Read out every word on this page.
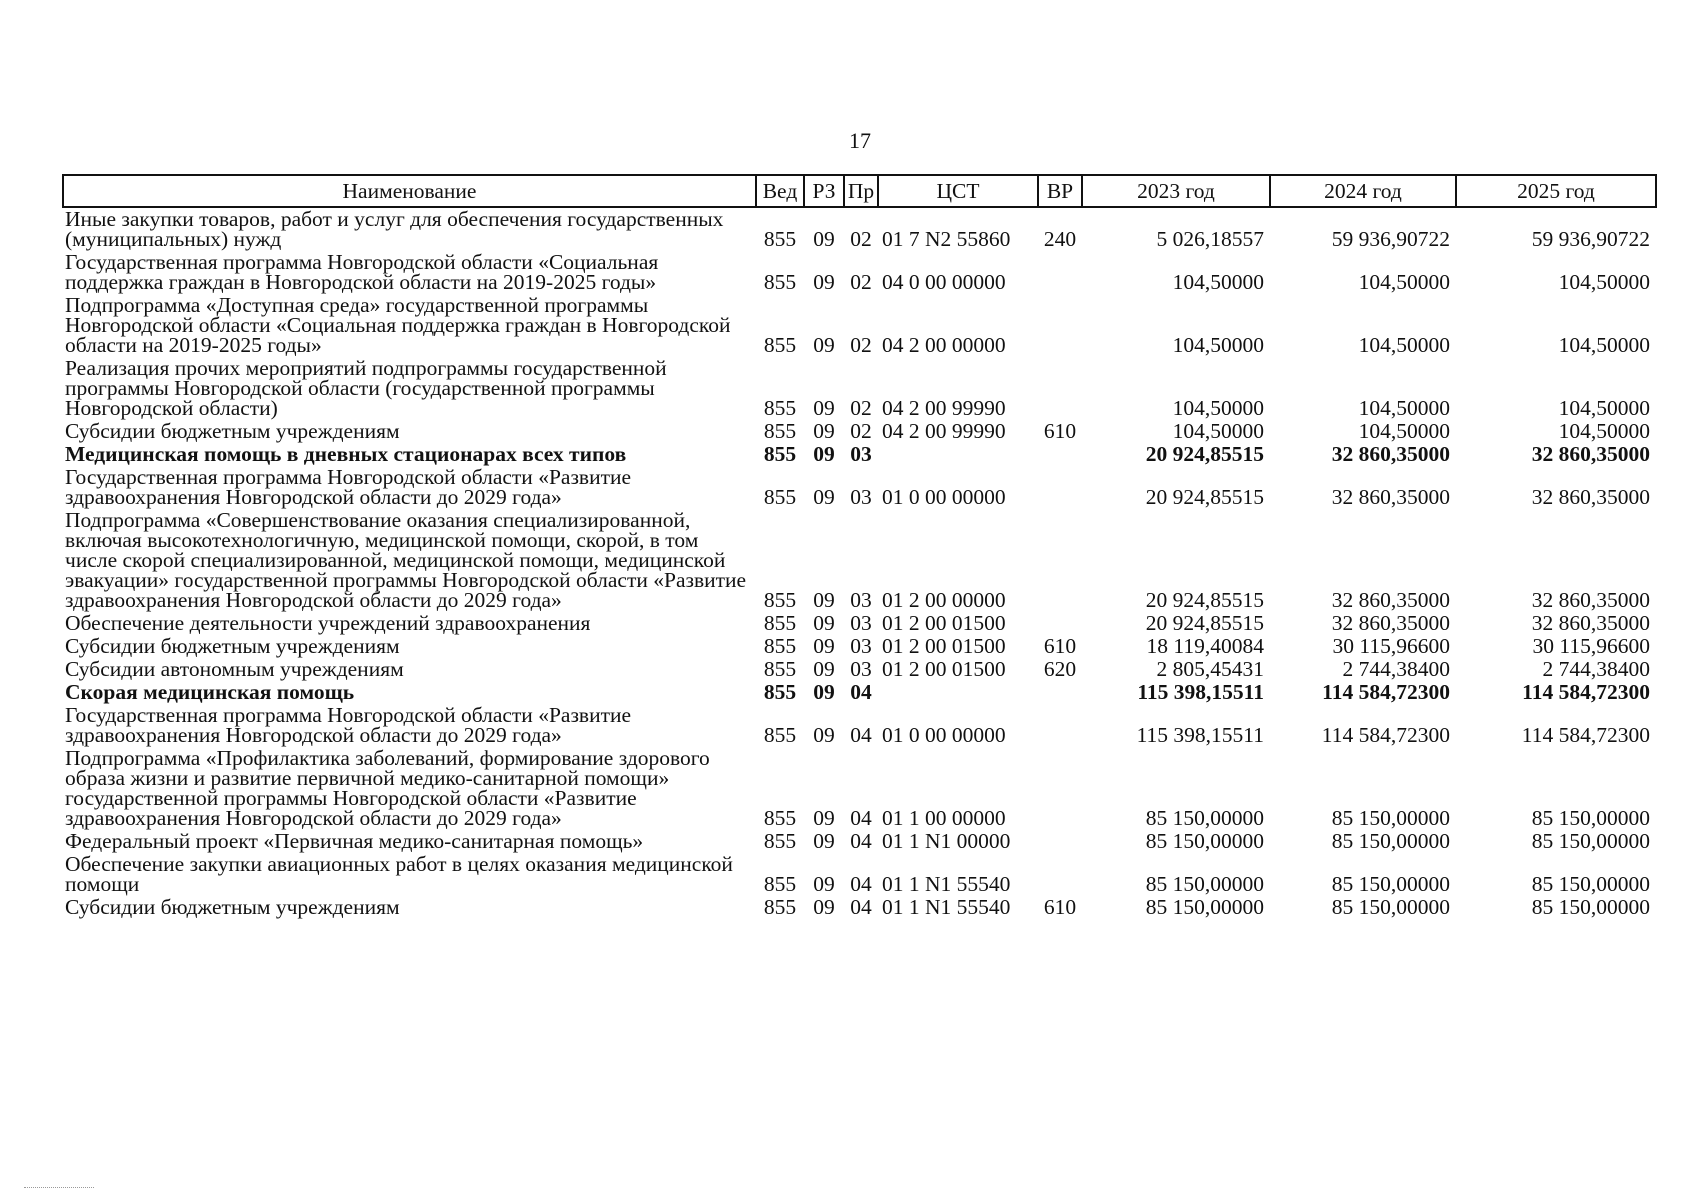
17
Наименование	Вед	РЗ	Пр	ЦСТ	ВР	2023 год	2024 год	2025 год
Иные закупки товаров, работ и услуг для обеспечения государственных (муниципальных) нужд	855	09	02	01 7 N2 55860	240	5 026,18557	59 936,90722	59 936,90722
Государственная программа Новгородской области «Социальная поддержка граждан в Новгородской области на 2019-2025 годы»	855	09	02	04 0 00 00000		104,50000	104,50000	104,50000
Подпрограмма «Доступная среда» государственной программы Новгородской области «Социальная поддержка граждан в Новгородской области на 2019-2025 годы»	855	09	02	04 2 00 00000		104,50000	104,50000	104,50000
Реализация прочих мероприятий подпрограммы государственной программы Новгородской области (государственной программы Новгородской области)	855	09	02	04 2 00 99990		104,50000	104,50000	104,50000
Субсидии бюджетным учреждениям	855	09	02	04 2 00 99990	610	104,50000	104,50000	104,50000
Медицинская помощь в дневных стационарах всех типов	855	09	03			20 924,85515	32 860,35000	32 860,35000
Государственная программа Новгородской области «Развитие здравоохранения Новгородской области до 2029 года»	855	09	03	01 0 00 00000		20 924,85515	32 860,35000	32 860,35000
Подпрограмма «Совершенствование оказания специализированной, включая высокотехнологичную, медицинской помощи, скорой, в том числе скорой специализированной, медицинской помощи, медицинской эвакуации» государственной программы Новгородской области «Развитие здравоохранения Новгородской области до 2029 года»	855	09	03	01 2 00 00000		20 924,85515	32 860,35000	32 860,35000
Обеспечение деятельности учреждений здравоохранения	855	09	03	01 2 00 01500		20 924,85515	32 860,35000	32 860,35000
Субсидии бюджетным учреждениям	855	09	03	01 2 00 01500	610	18 119,40084	30 115,96600	30 115,96600
Субсидии автономным учреждениям	855	09	03	01 2 00 01500	620	2 805,45431	2 744,38400	2 744,38400
Скорая медицинская помощь	855	09	04			115 398,15511	114 584,72300	114 584,72300
Государственная программа Новгородской области «Развитие здравоохранения Новгородской области до 2029 года»	855	09	04	01 0 00 00000		115 398,15511	114 584,72300	114 584,72300
Подпрограмма «Профилактика заболеваний, формирование здорового образа жизни и развитие первичной медико-санитарной помощи» государственной программы Новгородской области «Развитие здравоохранения Новгородской области до 2029 года»	855	09	04	01 1 00 00000		85 150,00000	85 150,00000	85 150,00000
Федеральный проект «Первичная медико-санитарная помощь»	855	09	04	01 1 N1 00000		85 150,00000	85 150,00000	85 150,00000
Обеспечение закупки авиационных работ в целях оказания медицинской помощи	855	09	04	01 1 N1 55540		85 150,00000	85 150,00000	85 150,00000
Субсидии бюджетным учреждениям	855	09	04	01 1 N1 55540	610	85 150,00000	85 150,00000	85 150,00000
